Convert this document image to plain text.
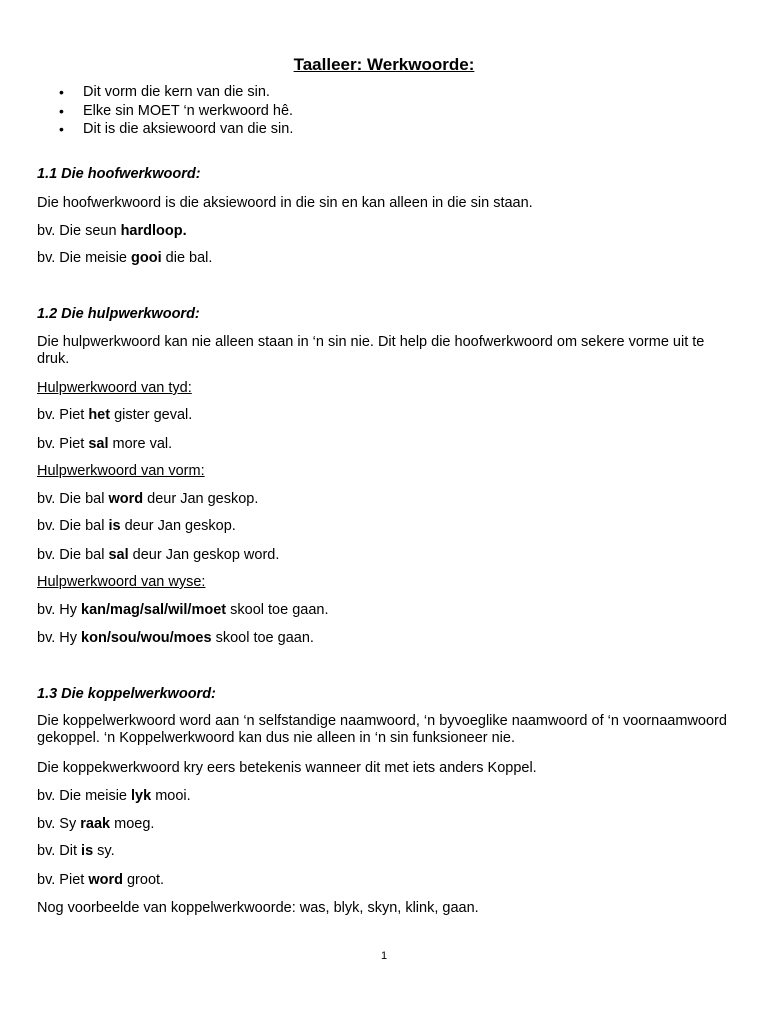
Taalleer: Werkwoorde:
• Dit vorm die kern van die sin.
• Elke sin MOET ‘n werkwoord hê.
• Dit is die aksiewoord van die sin.
1.1 Die hoofwerkwoord:
Die hoofwerkwoord is die aksiewoord in die sin en kan alleen in die sin staan.
bv. Die seun hardloop.
bv. Die meisie gooi die bal.
1.2 Die hulpwerkwoord:
Die hulpwerkwoord kan nie alleen staan in ‘n sin nie. Dit help die hoofwerkwoord om sekere vorme uit te druk.
Hulpwerkwoord van tyd:
bv. Piet het gister geval.
bv. Piet sal more val.
Hulpwerkwoord van vorm:
bv. Die bal word deur Jan geskop.
bv. Die bal is deur Jan geskop.
bv. Die bal sal deur Jan geskop word.
Hulpwerkwoord van wyse:
bv. Hy kan/mag/sal/wil/moet skool toe gaan.
bv. Hy kon/sou/wou/moes skool toe gaan.
1.3 Die koppelwerkwoord:
Die koppelwerkwoord word aan ‘n selfstandige naamwoord, ‘n byvoeglike naamwoord of ‘n voornaamwoord gekoppel. ‘n Koppelwerkwoord kan dus nie alleen in ‘n sin funksioneer nie.
Die koppekwerkwoord kry eers betekenis wanneer dit met iets anders Koppel.
bv. Die meisie lyk mooi.
bv. Sy raak moeg.
bv. Dit is sy.
bv. Piet word groot.
Nog voorbeelde van koppelwerkwoorde: was, blyk, skyn, klink, gaan.
1
